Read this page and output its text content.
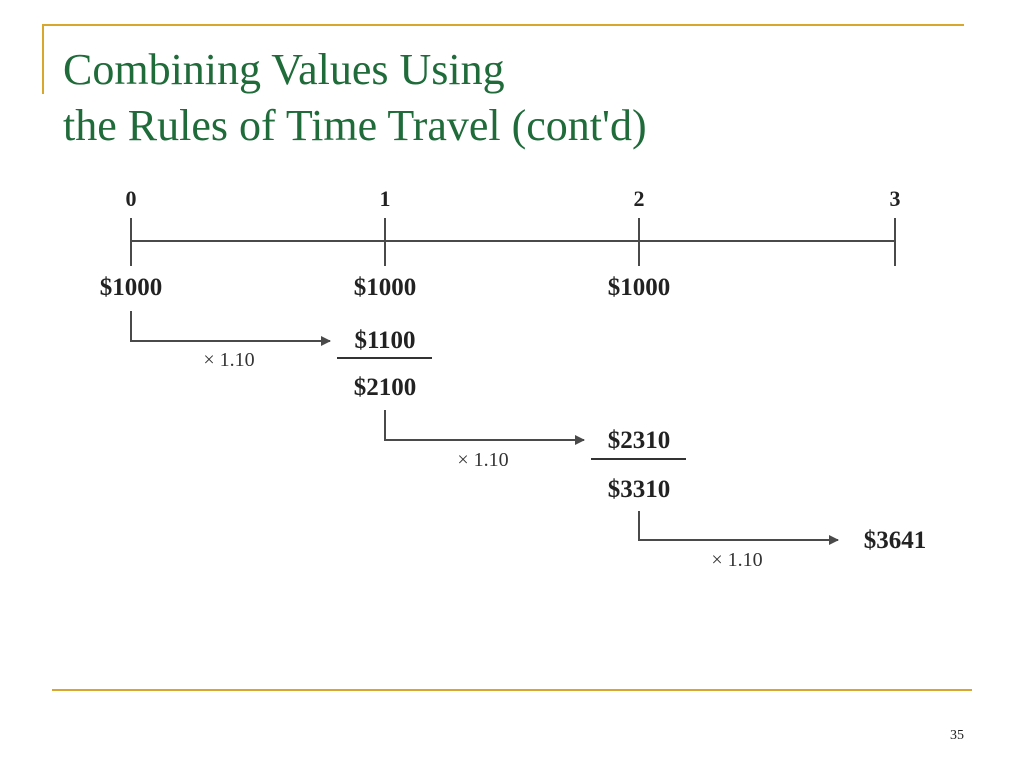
Combining Values Using
the Rules of Time Travel (cont'd)
0	1	2	3
$1000	$1000	$1000
× 1.10
$1100
$2100
× 1.10
$2310
$3310
× 1.10
$3641
35
